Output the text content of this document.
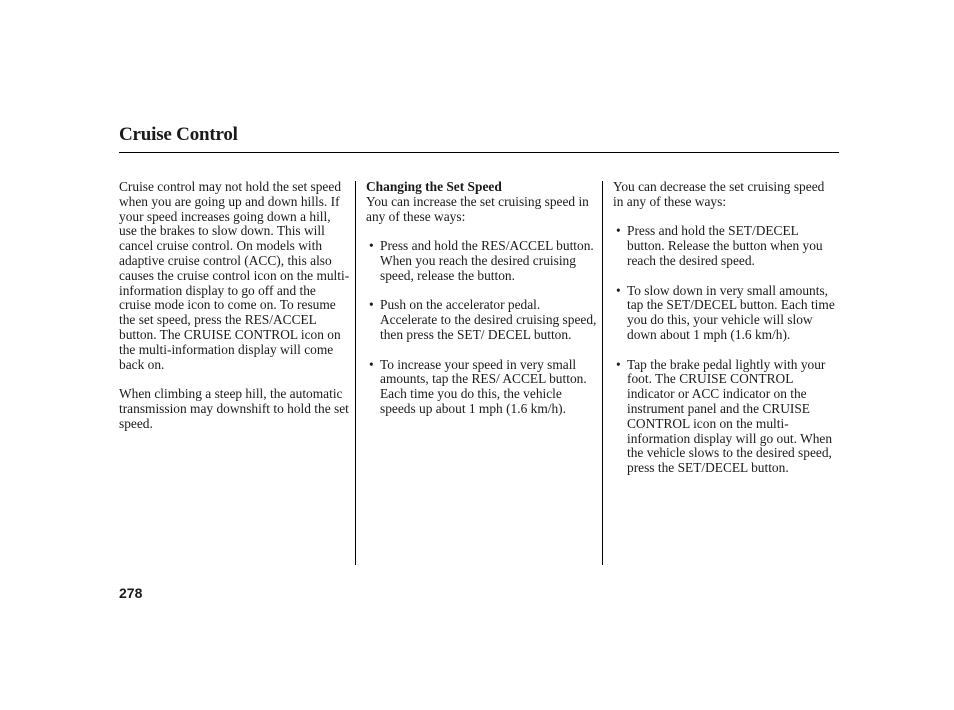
Cruise Control

Cruise control may not hold the set speed when you are going up and down hills. If your speed increases going down a hill, use the brakes to slow down. This will cancel cruise control. On models with adaptive cruise control (ACC), this also causes the cruise control icon on the multi-information display to go off and the cruise mode icon to come on. To resume the set speed, press the RES/ACCEL button. The CRUISE CONTROL icon on the multi-information display will come back on.

When climbing a steep hill, the automatic transmission may downshift to hold the set speed.

Changing the Set Speed

You can increase the set cruising speed in any of these ways:

• Press and hold the RES/ACCEL button. When you reach the desired cruising speed, release the button.

• Push on the accelerator pedal. Accelerate to the desired cruising speed, then press the SET/ DECEL button.

• To increase your speed in very small amounts, tap the RES/ ACCEL button. Each time you do this, the vehicle speeds up about 1 mph (1.6 km/h).

You can decrease the set cruising speed in any of these ways:

• Press and hold the SET/DECEL button. Release the button when you reach the desired speed.

• To slow down in very small amounts, tap the SET/DECEL button. Each time you do this, your vehicle will slow down about 1 mph (1.6 km/h).

• Tap the brake pedal lightly with your foot. The CRUISE CONTROL indicator or ACC indicator on the instrument panel and the CRUISE CONTROL icon on the multi-information display will go out. When the vehicle slows to the desired speed, press the SET/DECEL button.

278
